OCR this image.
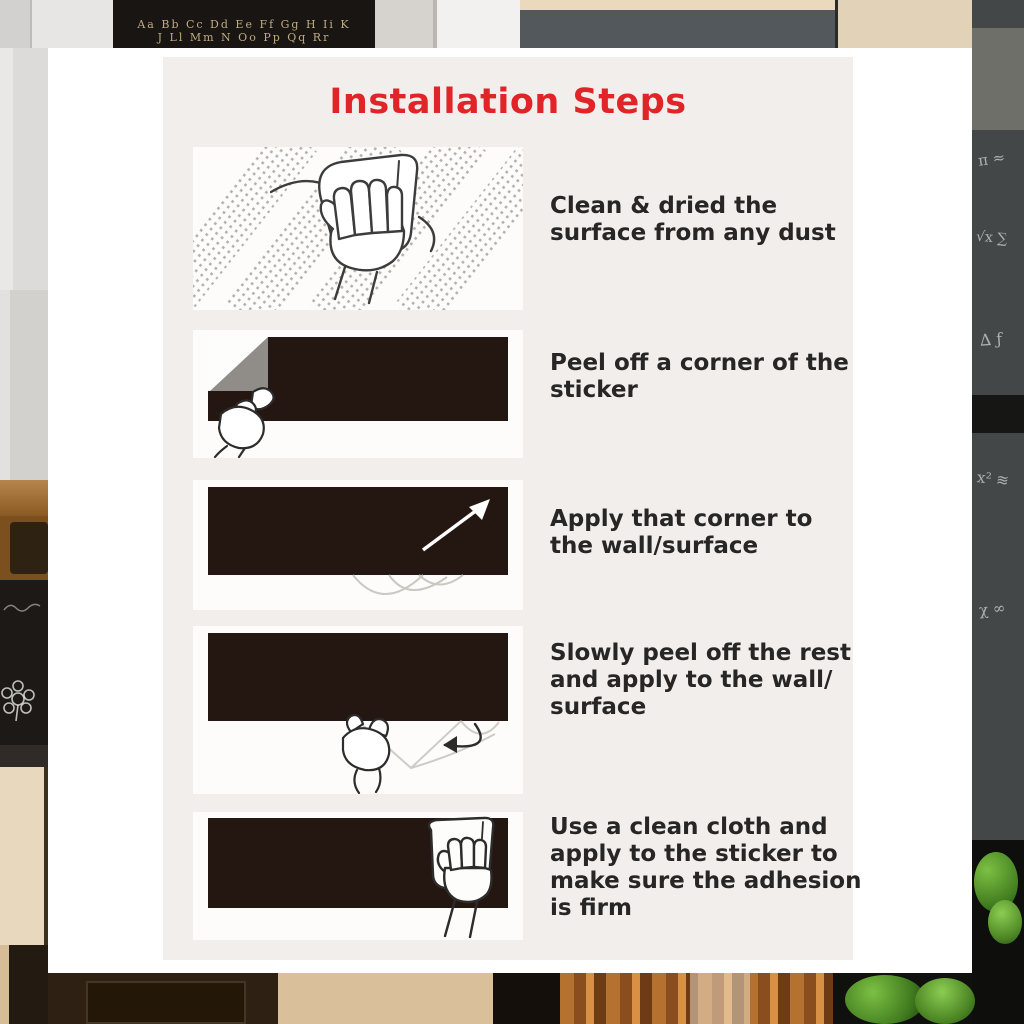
Aa Bb Cc Dd Ee Ff Gg H Ii K
J Ll Mm N Oo Pp Qq Rr
π ≈
√x ∑
∆ ƒ
x² ≋
χ ∞
Installation Steps
Clean & dried the
surface from any dust
Peel off a corner of the
sticker
Apply that corner to
the wall/surface
Slowly peel off the rest
and apply to the wall/
surface
Use a clean cloth and
apply to the sticker to
make sure the adhesion
is firm
